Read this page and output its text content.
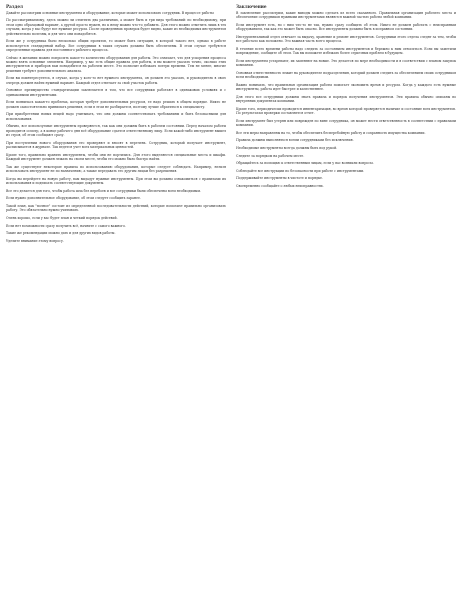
Раздел

Давайте рассмотрим основные инструменты и оборудование, которые может использовать сотрудник. В процессе работы

По рассматриваемому, здесь можно ли отметить два различных, а может быть и три вида требований: по необходимому, при этом одно образцовый вариант, а другой просто нужен, но к нему можно что-то добавить. Для этого можно отметить лишь в тех случаях, когда у вас будут все нужные ресурсы. После проведенных проверок будет видно, какие из необходимых инструментов действительно полезны, и для чего они понадобятся.

Если же у сотрудника было несколько общих проектов, то может быть ситуация, в которой такого нет, однако в работе используется стандартный набор. Все сотрудники в таких случаях должны быть обеспечены. В этом случае требуются определенные правила для постоянного рабочего процесса.

Сейчас в желании можно попросить какое-то количество оборудования для работы. Это означает, что для ускорения процесса можно взять основные элементы. Например, у вас есть общие правила для работы, и вы можете указать точно, сколько этих инструментов и приборов вам понадобится на рабочем месте. Это позволит избежать потери времени. Тем не менее, многие решения требуют дополнительного анализа.

Если вы поинтересуетесь, в случае, когда у кого-то нет нужного инструмента, он должен это указать, и руководитель в свою очередь должен найти нужный вариант. Каждый отдел отвечает за свой участок работы.

Основное преимущество стандартизации заключается в том, что все сотрудники работают в одинаковых условиях и с одинаковыми инструментами.

Если появилась какая-то проблема, которая требует дополнительных ресурсов, ее надо решать в общем порядке. Никто не должен самостоятельно принимать решения, если в этом не разбирается, поэтому лучше обратиться к специалисту.

При приобретении новых вещей надо учитывать, что они должны соответствовать требованиям и быть безопасными для использования.

Обычно, все используемые инструменты проверяются, так как они должны быть в рабочем состоянии. Перед началом работы проводится осмотр, а в конце рабочего дня всё оборудование сдается ответственному лицу. Если какой-либо инструмент вышел из строя, об этом сообщают сразу.

При поступлении нового оборудования его проверяют и вносят в перечень. Сотрудник, который получает инструмент, расписывается в журнале. Так ведется учет всех материальных ценностей.

Кроме того, правильно хранить инструменты, чтобы они не портились. Для этого выделяются специальные места и шкафы. Каждый инструмент должен лежать на своем месте, чтобы его можно было быстро найти.

Так же существуют некоторые правила по использованию оборудования, которые следует соблюдать. Например, нельзя использовать инструмент не по назначению, а также передавать его другим лицам без разрешения.

Когда вы перейдете на новую работу, вам выдадут нужные инструменты. При этом вы должны ознакомиться с правилами их использования и подписать соответствующие документы.

Все это делается для того, чтобы работа шла без перебоев и все сотрудники были обеспечены всем необходимым.

Если нужно дополнительное оборудование, об этом следует сообщить заранее.

Такой план, как "полное" состоит из определенной последовательности действий, которые помогают правильно организовать работу. Это обязательно нужно учитывать.

Очень хорошо, если у вас будет план и четкий порядок действий.

Если нет возможности сразу получить всё, начните с самого важного.

Такие же рекомендации можно дать и для других видов работы.

Уделите внимание этому вопросу.

Заключение

В заключение рассмотрим, какие выводы можно сделать из всего сказанного. Правильная организация рабочего места и обеспечение сотрудников нужными инструментами являются важной частью работы любой компании.

Если инструмент есть, но с ним что-то не так, нужно сразу сообщить об этом. Никто не должен работать с неисправным оборудованием, так как это может быть опасно. Все инструменты должны быть в исправном состоянии.

Инструментальный отдел отвечает за выдачу, хранение и ремонт инструментов. Сотрудники этого отдела следят за тем, чтобы все работало как положено. Это важная часть всего процесса.

В течение всего времени работы надо следить за состоянием инструментов и бережно к ним относиться. Если вы заметили повреждение, сообщите об этом. Так вы поможете избежать более серьезных проблем в будущем.

Если инструменты устаревают, их заменяют на новые. Это делается по мере необходимости и в соответствии с планом закупок компании.

Основная ответственность лежит на руководителе подразделения, который должен следить за обеспечением своих сотрудников всем необходимым.

Важно понимать, что правильная организация работы помогает экономить время и ресурсы. Когда у каждого есть нужные инструменты, работа идет быстрее и качественнее.

Для этого все сотрудники должны знать правила и порядок получения инструментов. Эти правила обычно описаны во внутренних документах компании.

Кроме того, периодически проводится инвентаризация, во время которой проверяется наличие и состояние всех инструментов. По результатам проверки составляется отчет.

Если инструмент был утерян или поврежден по вине сотрудника, он может нести ответственность в соответствии с правилами компании.

Все эти меры направлены на то, чтобы обеспечить бесперебойную работу и сохранность имущества компании.

Правила должны выполняться всеми сотрудниками без исключения.

Необходимые инструменты всегда должны быть под рукой.

Следите за порядком на рабочем месте.

Обращайтесь за помощью к ответственным лицам, если у вас возникли вопросы.

Соблюдайте все инструкции по безопасности при работе с инструментами.

Поддерживайте инструменты в чистоте и порядке.

Своевременно сообщайте о любых неисправностях.
